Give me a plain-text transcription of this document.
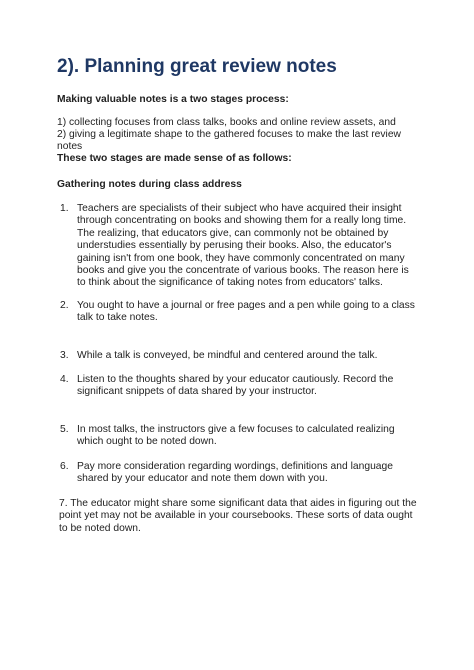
2). Planning great review notes

Making valuable notes is a two stages process:

1) collecting focuses from class talks, books and online review assets, and

2) giving a legitimate shape to the gathered focuses to make the last review notes

These two stages are made sense of as follows:

Gathering notes during class address

1. Teachers are specialists of their subject who have acquired their insight through concentrating on books and showing them for a really long time. The realizing, that educators give, can commonly not be obtained by understudies essentially by perusing their books. Also, the educator's gaining isn't from one book, they have commonly concentrated on many books and give you the concentrate of various books. The reason here is to think about the significance of taking notes from educators' talks.
2. You ought to have a journal or free pages and a pen while going to a class talk to take notes.
3. While a talk is conveyed, be mindful and centered around the talk.
4. Listen to the thoughts shared by your educator cautiously. Record the significant snippets of data shared by your instructor.
5. In most talks, the instructors give a few focuses to calculated realizing which ought to be noted down.
6. Pay more consideration regarding wordings, definitions and language shared by your educator and note them down with you.
7. The educator might share some significant data that aides in figuring out the point yet may not be available in your coursebooks. These sorts of data ought to be noted down.
